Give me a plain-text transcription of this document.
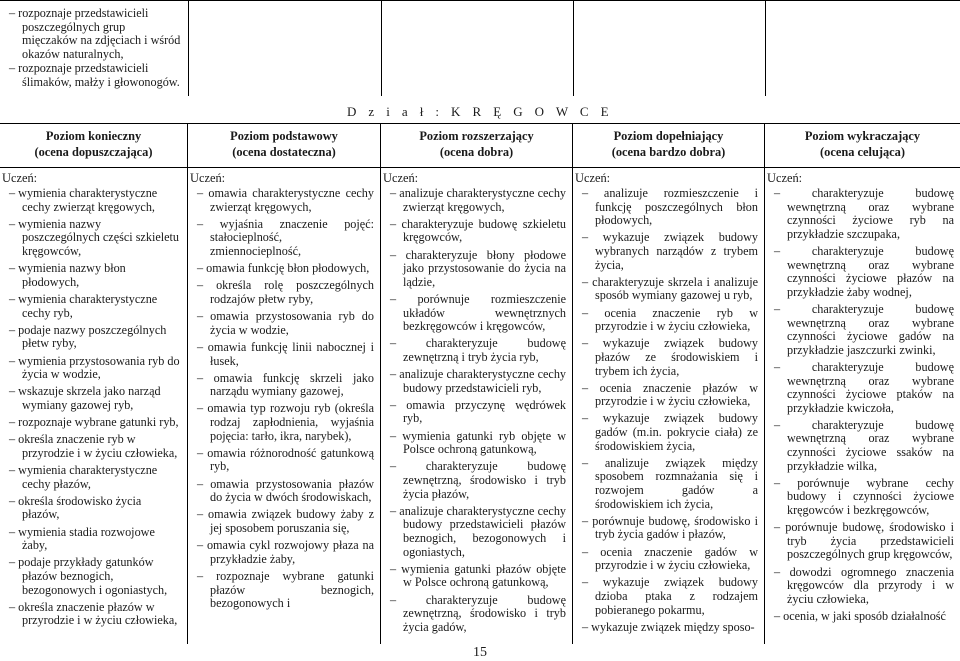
– rozpoznaje przedstawicieli poszczególnych grup mięczaków na zdjęciach i wśród okazów naturalnych,
– rozpoznaje przedstawicieli ślimaków, małży i głowonogów.
D z i a ł : K R Ę G O W C E
Poziom konieczny
(ocena dopuszczająca)
Uczeń:
– wymienia charakterystyczne cechy zwierząt kręgowych,
– wymienia nazwy poszczególnych części szkieletu kręgowców,
– wymienia nazwy błon płodowych,
– wymienia charakterystyczne cechy ryb,
– podaje nazwy poszczególnych płetw ryby,
– wymienia przystosowania ryb do życia w wodzie,
– wskazuje skrzela jako narząd wymiany gazowej ryb,
– rozpoznaje wybrane gatunki ryb,
– określa znaczenie ryb w przyrodzie i w życiu człowieka,
– wymienia charakterystyczne cechy płazów,
– określa środowisko życia płazów,
– wymienia stadia rozwojowe żaby,
– podaje przykłady gatunków płazów beznogich, bezogonowych i ogoniastych,
– określa znaczenie płazów w przyrodzie i w życiu człowieka,
Poziom podstawowy
(ocena dostateczna)
Uczeń:
– omawia charakterystyczne cechy zwierząt kręgowych,
– wyjaśnia znaczenie pojęć: stałocieplność, zmiennocieplność,
– omawia funkcję błon płodowych,
– określa rolę poszczególnych rodzajów płetw ryby,
– omawia przystosowania ryb do życia w wodzie,
– omawia funkcję linii nabocznej i łusek,
– omawia funkcję skrzeli jako narządu wymiany gazowej,
– omawia typ rozwoju ryb (określa rodzaj zapłodnienia, wyjaśnia pojęcia: tarło, ikra, narybek),
– omawia różnorodność gatunkową ryb,
– omawia przystosowania płazów do życia w dwóch środowiskach,
– omawia związek budowy żaby z jej sposobem poruszania się,
– omawia cykl rozwojowy płaza na przykładzie żaby,
– rozpoznaje wybrane gatunki płazów beznogich, bezogonowych i
Poziom rozszerzający
(ocena dobra)
Uczeń:
– analizuje charakterystyczne cechy zwierząt kręgowych,
– charakteryzuje budowę szkieletu kręgowców,
– charakteryzuje błony płodowe jako przystosowanie do życia na lądzie,
– porównuje rozmieszczenie układów wewnętrznych bezkręgowców i kręgowców,
– charakteryzuje budowę zewnętrzną i tryb życia ryb,
– analizuje charakterystyczne cechy budowy przedstawicieli ryb,
– omawia przyczynę wędrówek ryb,
– wymienia gatunki ryb objęte w Polsce ochroną gatunkową,
– charakteryzuje budowę zewnętrzną, środowisko i tryb życia płazów,
– analizuje charakterystyczne cechy budowy przedstawicieli płazów beznogich, bezogonowych i ogoniastych,
– wymienia gatunki płazów objęte w Polsce ochroną gatunkową,
– charakteryzuje budowę zewnętrzną, środowisko i tryb życia gadów,
Poziom dopełniający
(ocena bardzo dobra)
Uczeń:
– analizuje rozmieszczenie i funkcję poszczególnych błon płodowych,
– wykazuje związek budowy wybranych narządów z trybem życia,
– charakteryzuje skrzela i analizuje sposób wymiany gazowej u ryb,
– ocenia znaczenie ryb w przyrodzie i w życiu człowieka,
– wykazuje związek budowy płazów ze środowiskiem i trybem ich życia,
– ocenia znaczenie płazów w przyrodzie i w życiu człowieka,
– wykazuje związek budowy gadów (m.in. pokrycie ciała) ze środowiskiem życia,
– analizuje związek między sposobem rozmnażania się i rozwojem gadów a środowiskiem ich życia,
– porównuje budowę, środowisko i tryb życia gadów i płazów,
– ocenia znaczenie gadów w przyrodzie i w życiu człowieka,
– wykazuje związek budowy dzioba ptaka z rodzajem pobieranego pokarmu,
– wykazuje związek między sposo-
Poziom wykraczający
(ocena celująca)
Uczeń:
– charakteryzuje budowę wewnętrzną oraz wybrane czynności życiowe ryb na przykładzie szczupaka,
– charakteryzuje budowę wewnętrzną oraz wybrane czynności życiowe płazów na przykładzie żaby wodnej,
– charakteryzuje budowę wewnętrzną oraz wybrane czynności życiowe gadów na przykładzie jaszczurki zwinki,
– charakteryzuje budowę wewnętrzną oraz wybrane czynności życiowe ptaków na przykładzie kwiczoła,
– charakteryzuje budowę wewnętrzną oraz wybrane czynności życiowe ssaków na przykładzie wilka,
– porównuje wybrane cechy budowy i czynności życiowe kręgowców i bezkręgowców,
– porównuje budowę, środowisko i tryb życia przedstawicieli poszczególnych grup kręgowców,
– dowodzi ogromnego znaczenia kręgowców dla przyrody i w życiu człowieka,
– ocenia, w jaki sposób działalność
15
